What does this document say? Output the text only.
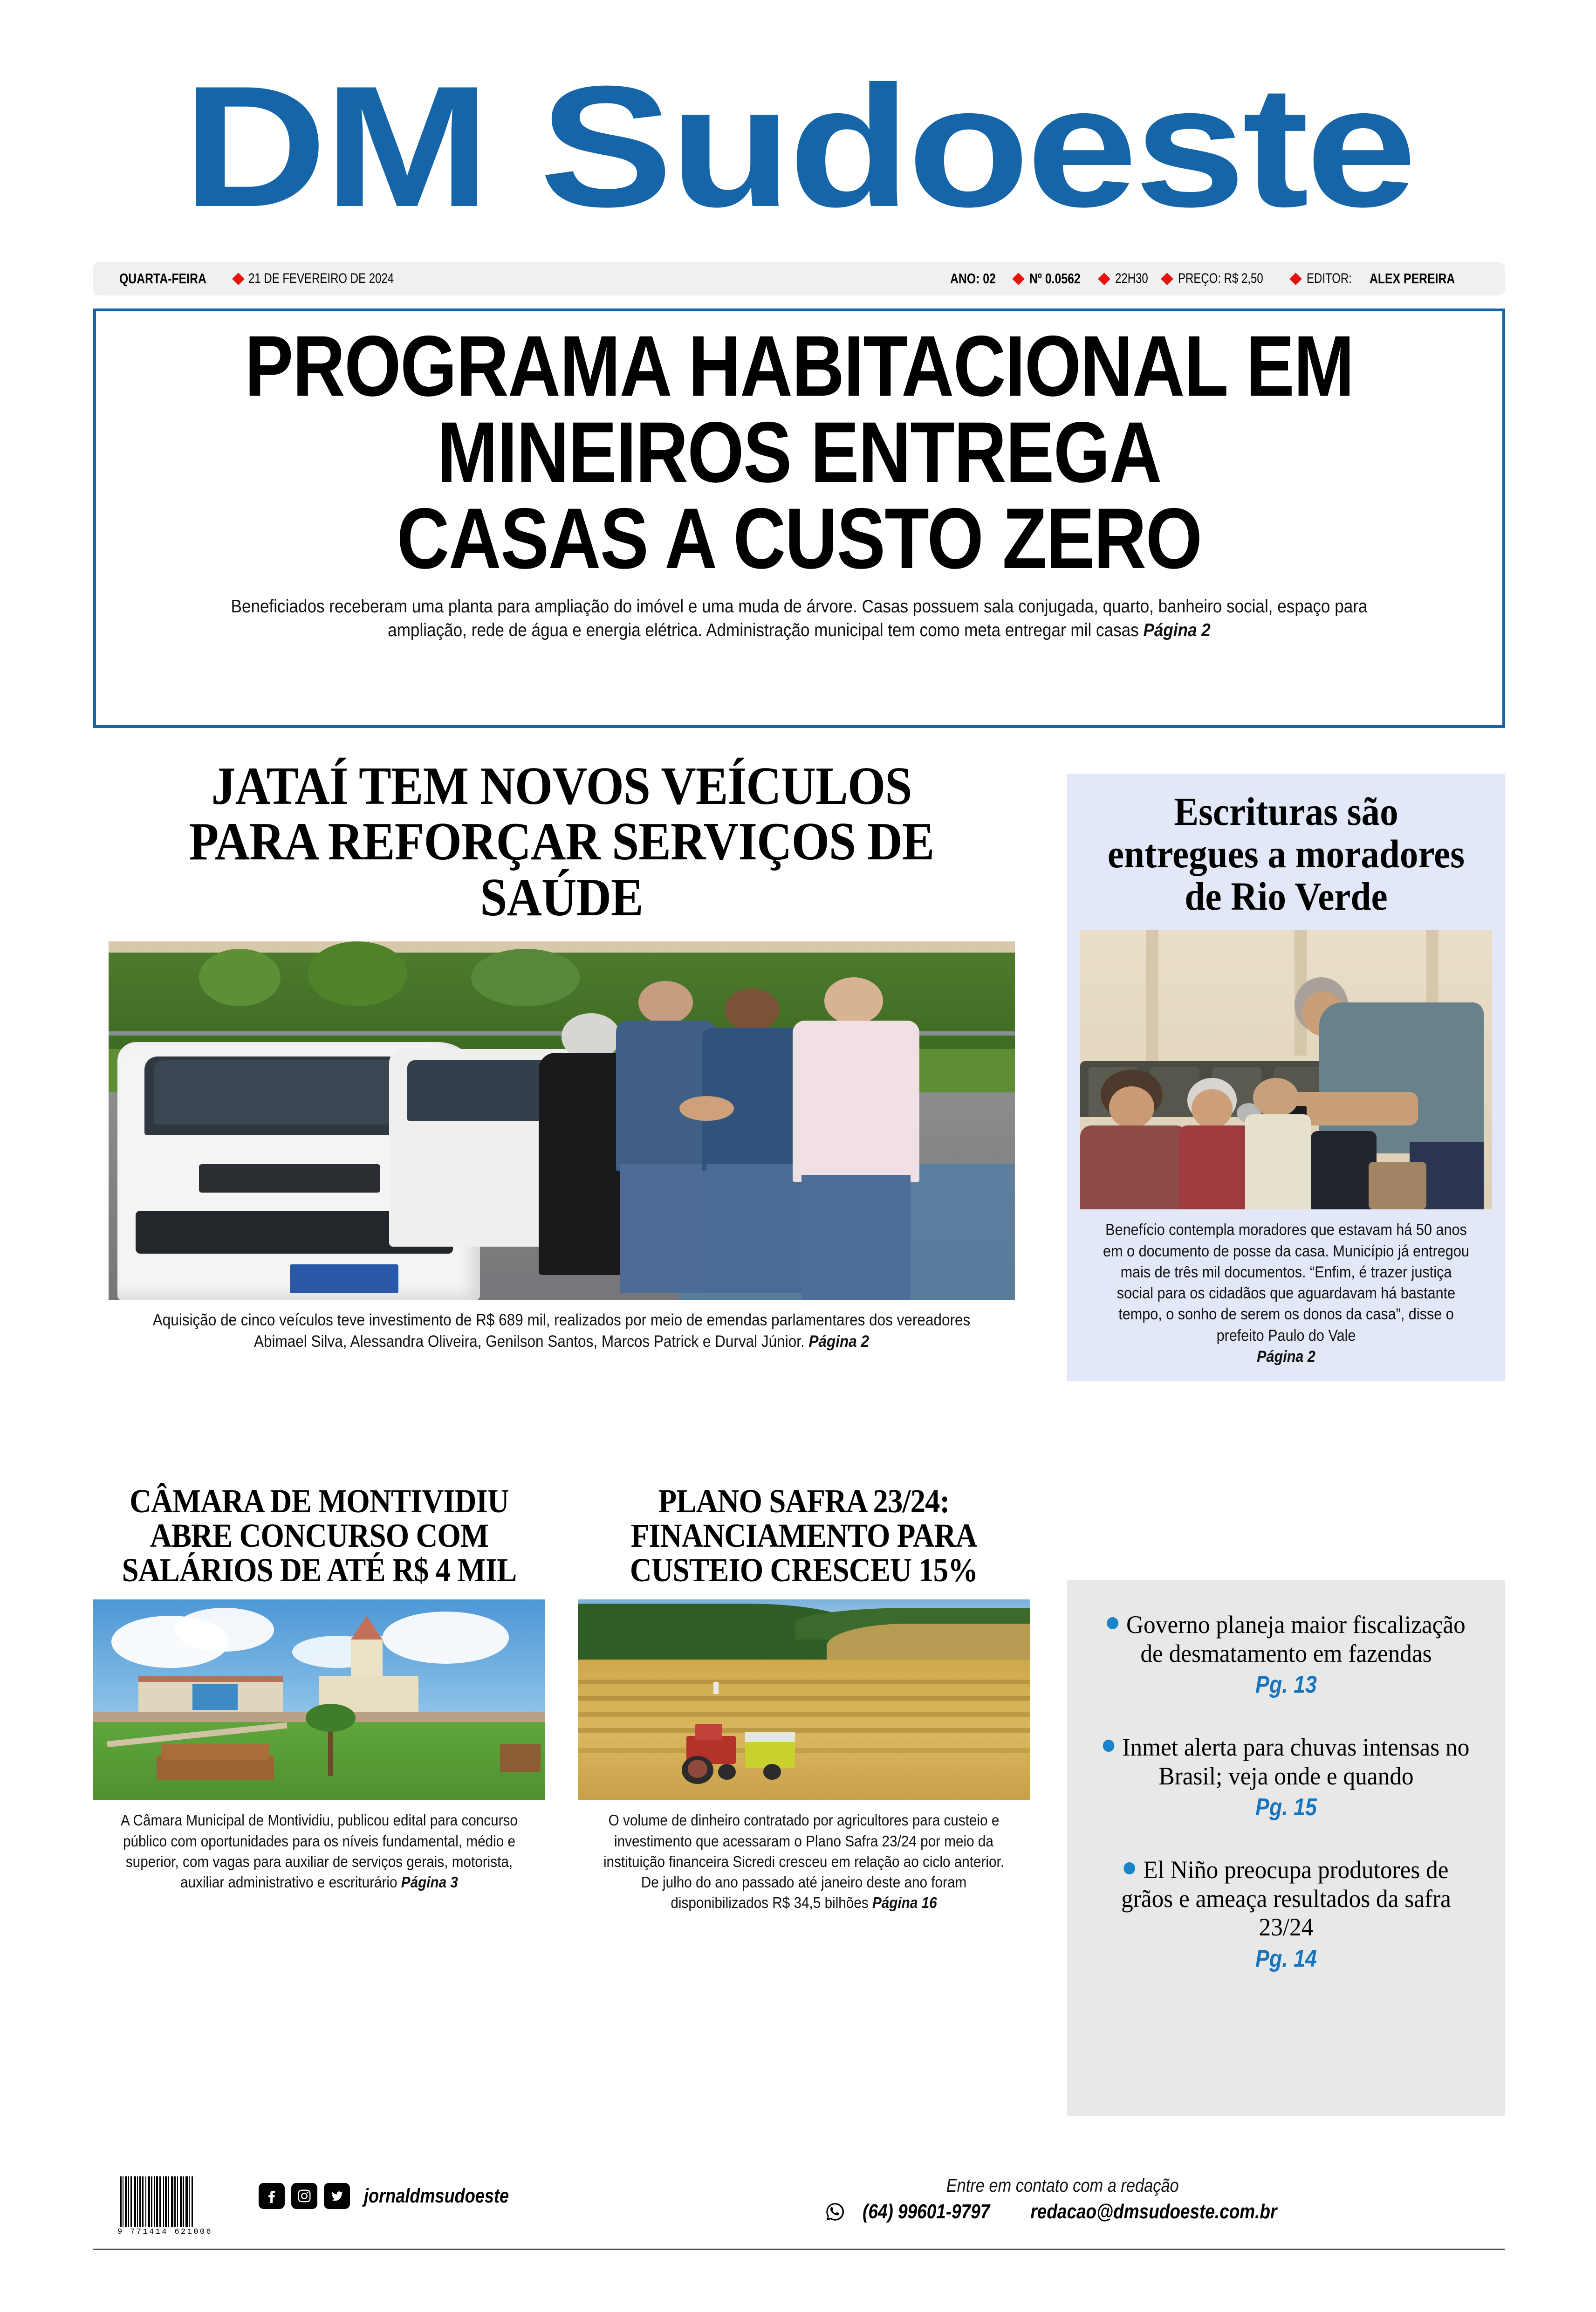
DM Sudoeste
QUARTA-FEIRA	21 DE FEVEREIRO DE 2024	ANO: 02 Nº 0.0562 22H30 PREÇO: R$ 2,50	EDITOR: ALEX PEREIRA
PROGRAMA HABITACIONAL EM
MINEIROS ENTREGA
CASAS A CUSTO ZERO
Beneficiados receberam uma planta para ampliação do imóvel e uma muda de árvore. Casas possuem sala conjugada, quarto, banheiro social, espaço para ampliação, rede de água e energia elétrica. Administração municipal tem como meta entregar mil casas Página 2
JATAÍ TEM NOVOS VEÍCULOS PARA REFORÇAR SERVIÇOS DE SAÚDE
Aquisição de cinco veículos teve investimento de R$ 689 mil, realizados por meio de emendas parlamentares dos vereadores Abimael Silva, Alessandra Oliveira, Genilson Santos, Marcos Patrick e Durval Júnior. Página 2
CÂMARA DE MONTIVIDIU ABRE CONCURSO COM SALÁRIOS DE ATÉ R$ 4 MIL
A Câmara Municipal de Montividiu, publicou edital para concurso público com oportunidades para os níveis fundamental, médio e superior, com vagas para auxiliar de serviços gerais, motorista, auxiliar administrativo e escriturário Página 3
PLANO SAFRA 23/24: FINANCIAMENTO PARA CUSTEIO CRESCEU 15%
O volume de dinheiro contratado por agricultores para custeio e investimento que acessaram o Plano Safra 23/24 por meio da instituição financeira Sicredi cresceu em relação ao ciclo anterior. De julho do ano passado até janeiro deste ano foram disponibilizados R$ 34,5 bilhões Página 16
Escrituras são entregues a moradores de Rio Verde
Benefício contempla moradores que estavam há 50 anos em o documento de posse da casa. Município já entregou mais de três mil documentos. “Enfim, é trazer justiça social para os cidadãos que aguardavam há bastante tempo, o sonho de serem os donos da casa”, disse o prefeito Paulo do Vale
Página 2
Governo planeja maior fiscalização de desmatamento em fazendas
Pg. 13
Inmet alerta para chuvas intensas no Brasil; veja onde e quando
Pg. 15
El Niño preocupa produtores de grãos e ameaça resultados da safra 23/24
Pg. 14
9 771414 621006
jornaldmsudoeste	Entre em contato com a redação
(64) 99601-9797 redacao@dmsudoeste.com.br
